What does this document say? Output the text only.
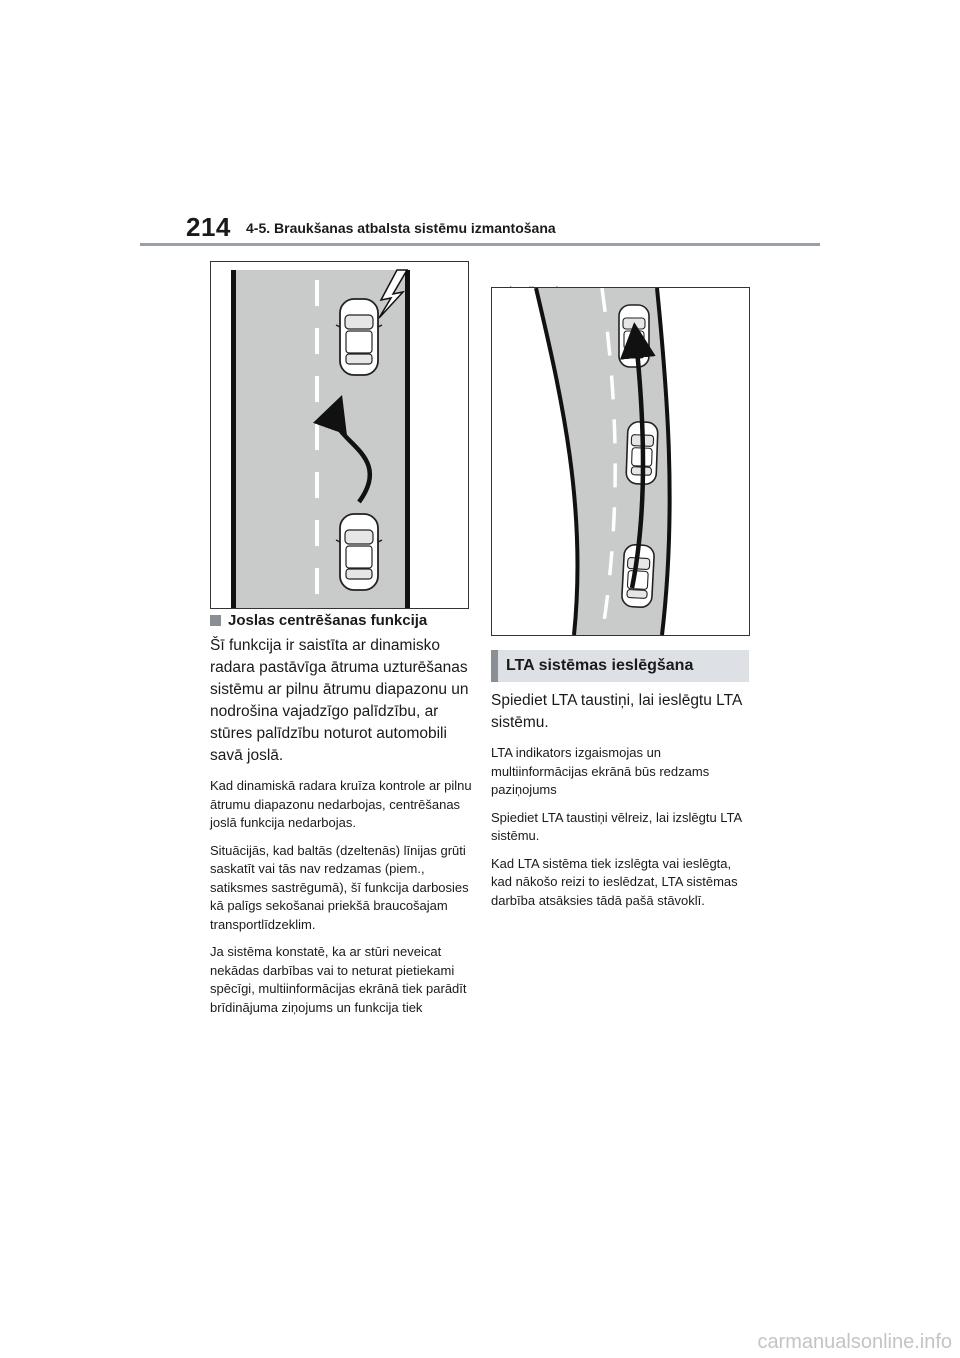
214 4-5. Braukšanas atbalsta sistēmu izmantošana
Joslas centrēšanas funkcija

Šī funkcija ir saistīta ar dinamisko radara pastāvīga ātruma uzturēšanas sistēmu ar pilnu ātrumu diapazonu un nodrošina vajadzīgo palīdzību, ar stūres palīdzību noturot automobili savā joslā.

Kad dinamiskā radara kruīza kontrole ar pilnu ātrumu diapazonu nedarbojas, centrēšanas joslā funkcija nedarbojas.

Situācijās, kad baltās (dzeltenās) līnijas grūti saskatīt vai tās nav redzamas (piem., satiksmes sastrēgumā), šī funkcija darbosies kā palīgs sekošanai priekšā braucošajam transportlīdzeklim.

Ja sistēma konstatē, ka ar stūri neveicat nekādas darbības vai to neturat pietiekami spēcīgi, multiinformācijas ekrānā tiek parādīt brīdinājuma ziņojums un funkcija tiek

LTA sistēmas ieslēgšana

Spiediet LTA taustiņi, lai ieslēgtu LTA sistēmu.

LTA indikators izgaismojas un multiinformācijas ekrānā būs redzams paziņojums

Spiediet LTA taustiņi vēlreiz, lai izslēgtu LTA sistēmu.

Kad LTA sistēma tiek izslēgta vai ieslēgta, kad nākošo reizi to ieslēdzat, LTA sistēmas darbība atsāksies tādā pašā stāvoklī.

carmanualsonline.info
